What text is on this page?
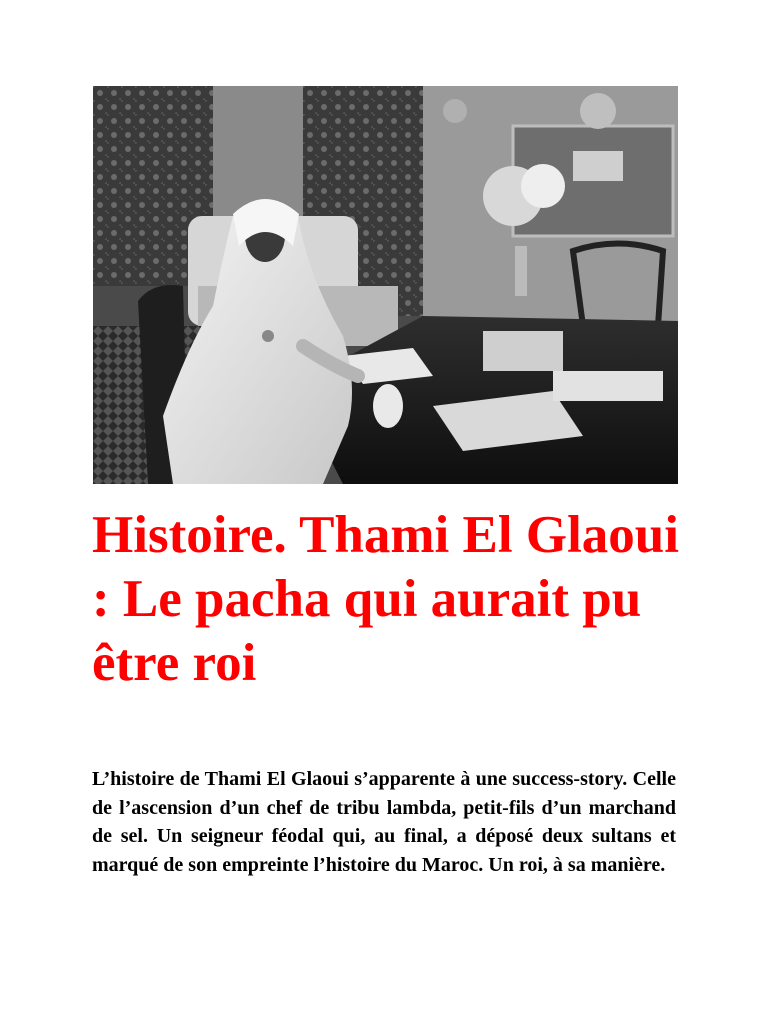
Histoire. Thami El Glaoui : Le pacha qui aurait pu être roi

L’histoire de Thami El Glaoui s’apparente à une success-story. Celle de l’ascension d’un chef de tribu lambda, petit-fils d’un marchand de sel. Un seigneur féodal qui, au final, a déposé deux sultans et marqué de son empreinte l’histoire du Maroc. Un roi, à sa manière.
